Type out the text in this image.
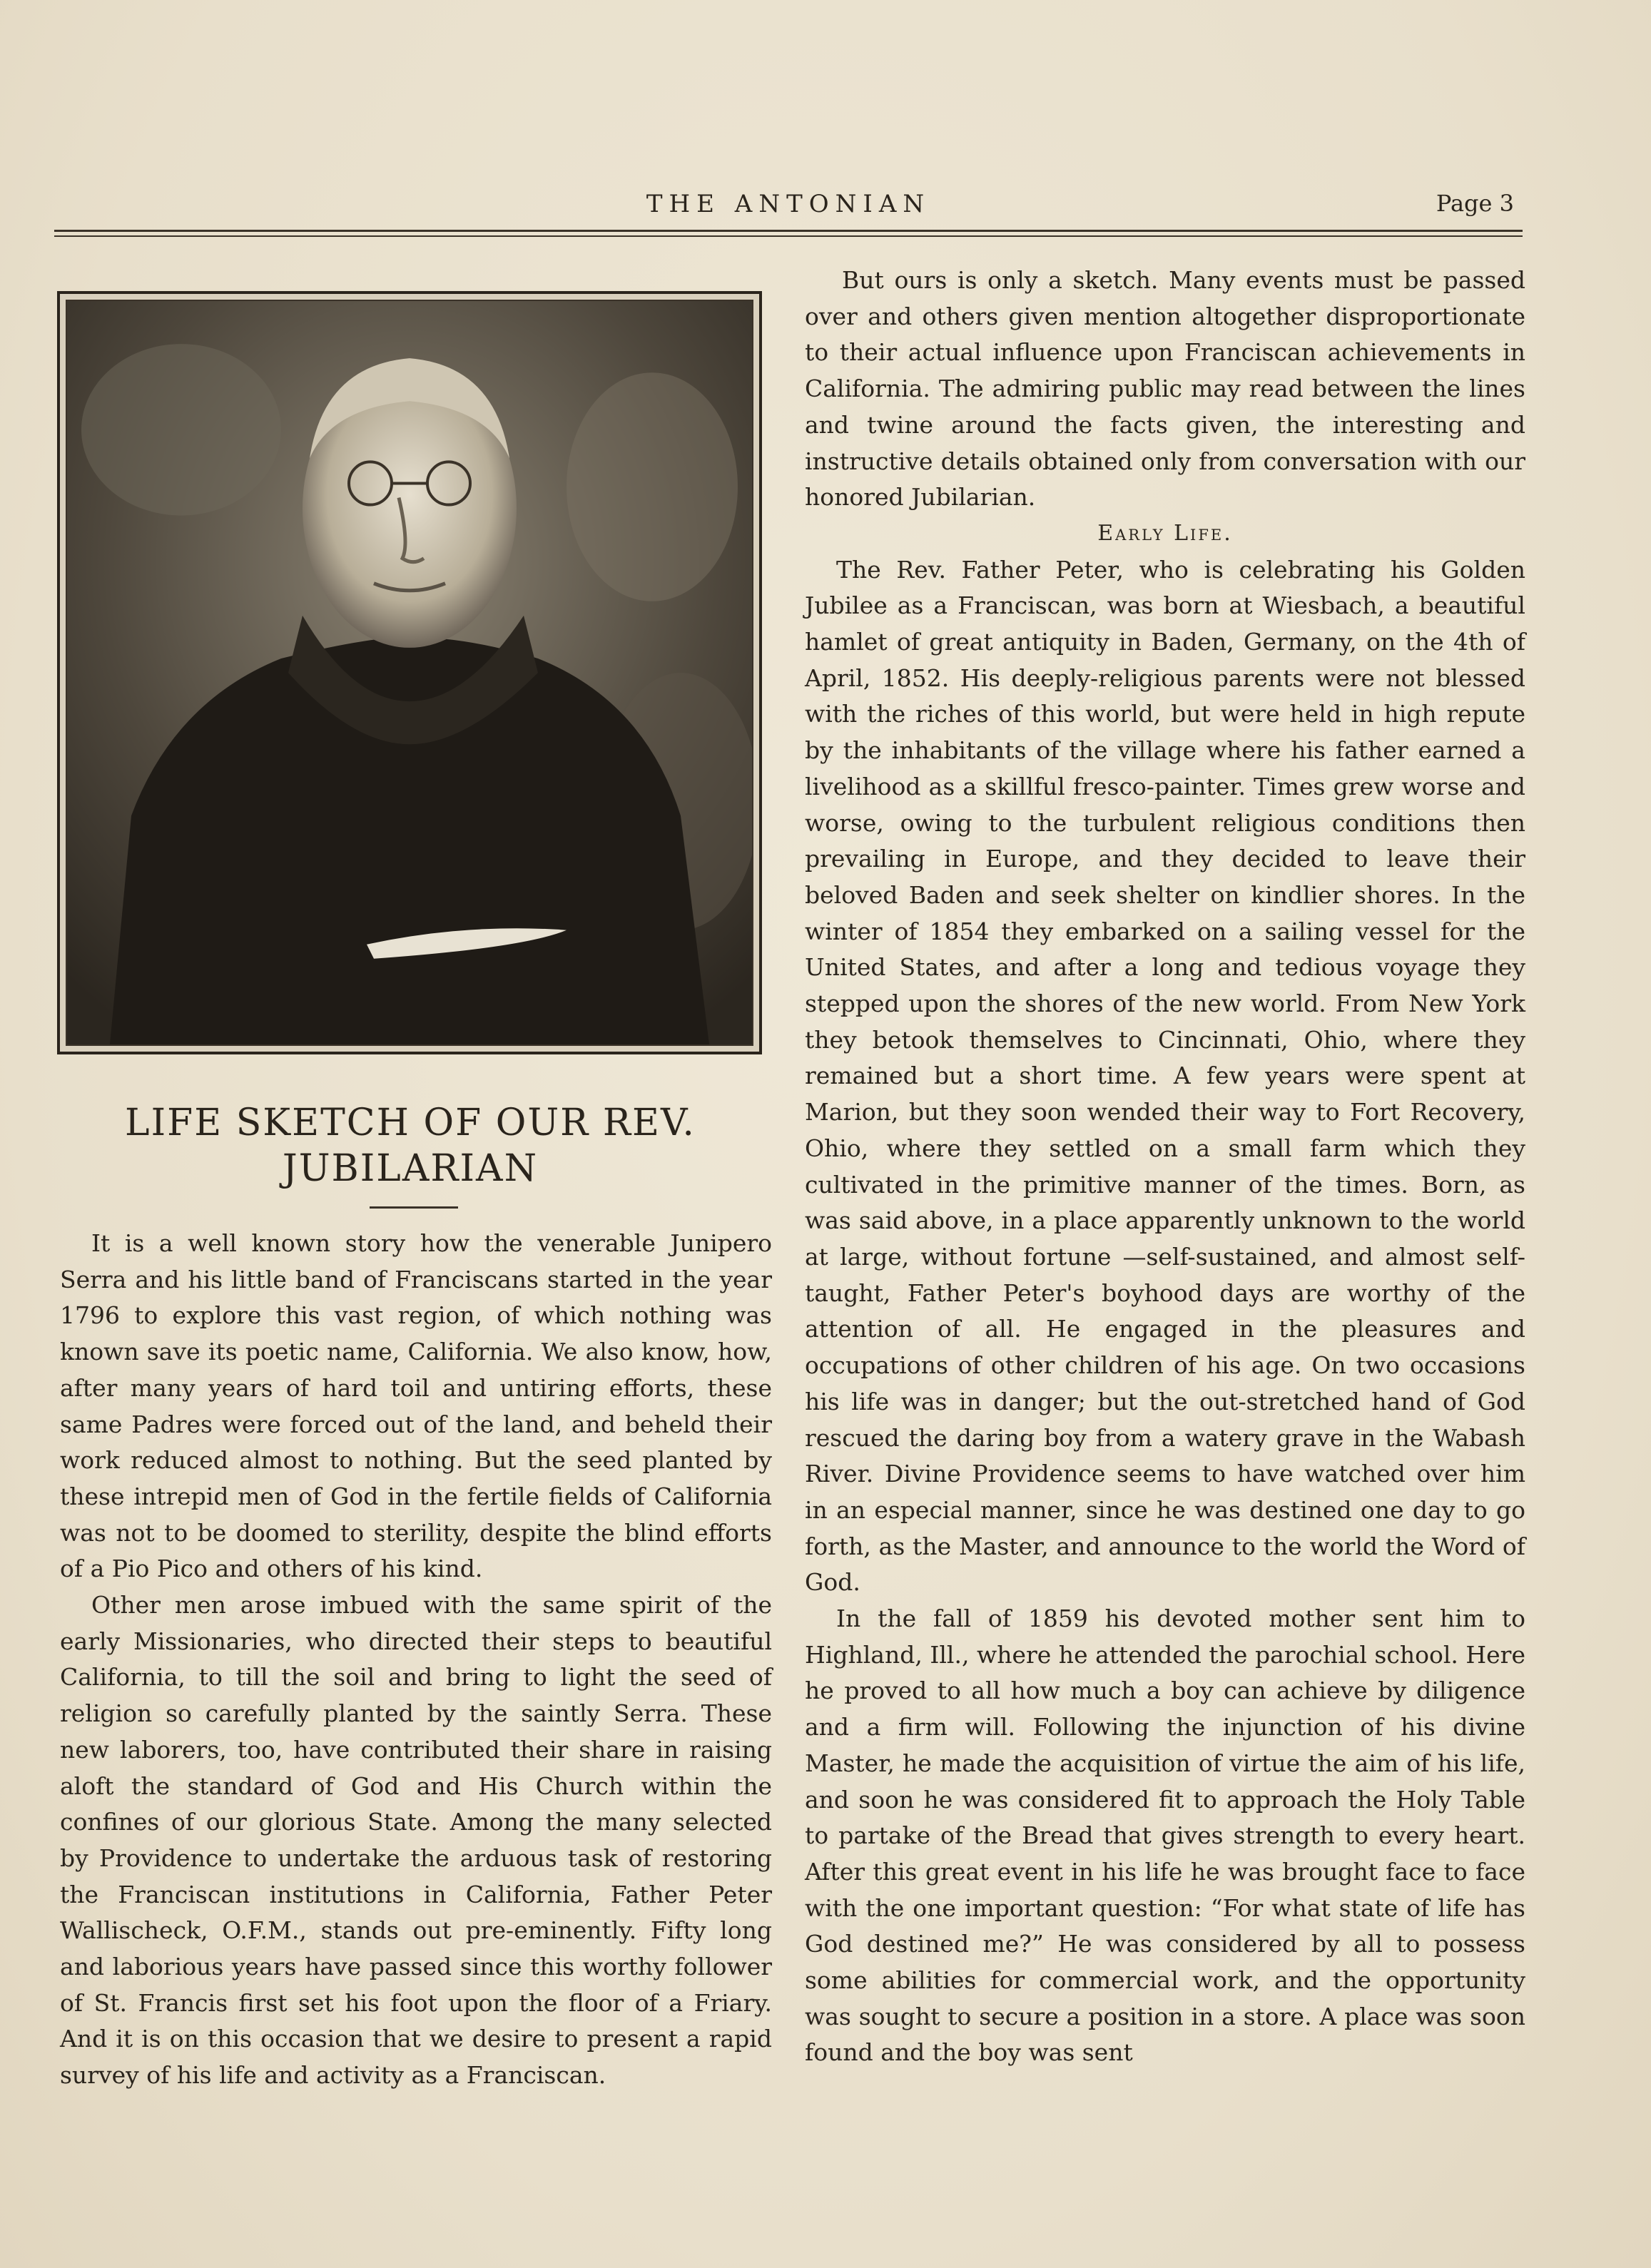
THE ANTONIAN	Page 3
LIFE SKETCH OF OUR REV. JUBILARIAN

It is a well known story how the venerable Junipero Serra and his little band of Franciscans started in the year 1796 to explore this vast region, of which nothing was known save its poetic name, California. We also know, how, after many years of hard toil and untiring efforts, these same Padres were forced out of the land, and beheld their work reduced almost to nothing. But the seed planted by these intrepid men of God in the fertile fields of California was not to be doomed to sterility, despite the blind efforts of a Pio Pico and others of his kind.

Other men arose imbued with the same spirit of the early Missionaries, who directed their steps to beautiful California, to till the soil and bring to light the seed of religion so carefully planted by the saintly Serra. These new laborers, too, have contributed their share in raising aloft the standard of God and His Church within the confines of our glorious State. Among the many selected by Providence to undertake the arduous task of restoring the Franciscan institutions in California, Father Peter Wallischeck, O.F.M., stands out pre-eminently. Fifty long and laborious years have passed since this worthy follower of St. Francis first set his foot upon the floor of a Friary. And it is on this occasion that we desire to present a rapid survey of his life and activity as a Franciscan.

But ours is only a sketch. Many events must be passed over and others given mention altogether disproportionate to their actual influence upon Franciscan achievements in California. The admiring public may read between the lines and twine around the facts given, the interesting and instructive details obtained only from conversation with our honored Jubilarian.

Early Life.

The Rev. Father Peter, who is celebrating his Golden Jubilee as a Franciscan, was born at Wiesbach, a beautiful hamlet of great antiquity in Baden, Germany, on the 4th of April, 1852. His deeply-religious parents were not blessed with the riches of this world, but were held in high repute by the inhabitants of the village where his father earned a livelihood as a skillful fresco-painter. Times grew worse and worse, owing to the turbulent religious conditions then prevailing in Europe, and they decided to leave their beloved Baden and seek shelter on kindlier shores. In the winter of 1854 they embarked on a sailing vessel for the United States, and after a long and tedious voyage they stepped upon the shores of the new world. From New York they betook themselves to Cincinnati, Ohio, where they remained but a short time. A few years were spent at Marion, but they soon wended their way to Fort Recovery, Ohio, where they settled on a small farm which they cultivated in the primitive manner of the times. Born, as was said above, in a place apparently unknown to the world at large, without fortune —self-sustained, and almost self-taught, Father Peter's boyhood days are worthy of the attention of all. He engaged in the pleasures and occupations of other children of his age. On two occasions his life was in danger; but the out-stretched hand of God rescued the daring boy from a watery grave in the Wabash River. Divine Providence seems to have watched over him in an especial manner, since he was destined one day to go forth, as the Master, and announce to the world the Word of God.

In the fall of 1859 his devoted mother sent him to Highland, Ill., where he attended the parochial school. Here he proved to all how much a boy can achieve by diligence and a firm will. Following the injunction of his divine Master, he made the acquisition of virtue the aim of his life, and soon he was considered fit to approach the Holy Table to partake of the Bread that gives strength to every heart. After this great event in his life he was brought face to face with the one important question: “For what state of life has God destined me?” He was considered by all to possess some abilities for commercial work, and the opportunity was sought to secure a position in a store. A place was soon found and the boy was sent
